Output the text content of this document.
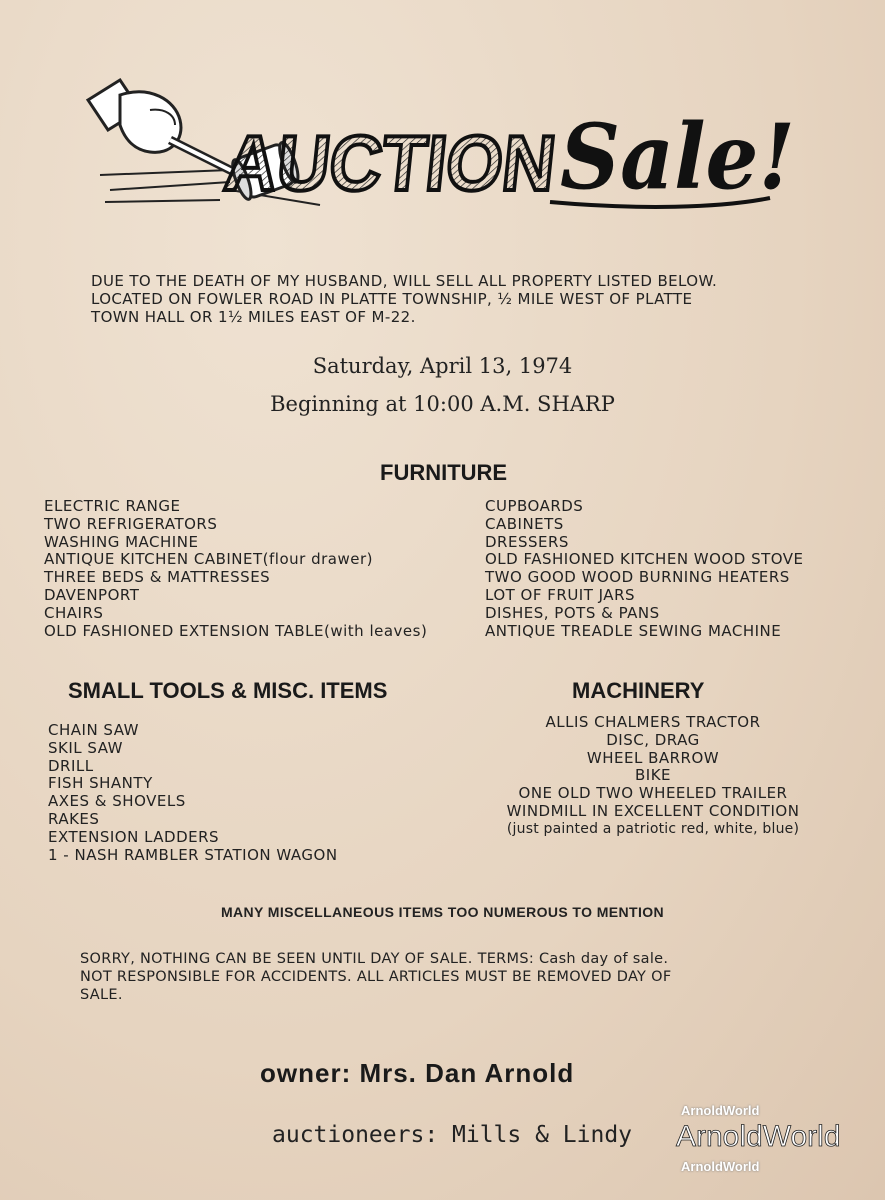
AUCTION
Sale!
DUE TO THE DEATH OF MY HUSBAND, WILL SELL ALL PROPERTY LISTED BELOW.
LOCATED ON FOWLER ROAD IN PLATTE TOWNSHIP, ½ MILE WEST OF PLATTE
TOWN HALL OR 1½ MILES EAST OF M-22.
Saturday, April 13, 1974
Beginning at 10:00 A.M. SHARP
FURNITURE
ELECTRIC RANGE
TWO REFRIGERATORS
WASHING MACHINE
ANTIQUE KITCHEN CABINET(flour drawer)
THREE BEDS & MATTRESSES
DAVENPORT
CHAIRS
OLD FASHIONED EXTENSION TABLE(with leaves)
CUPBOARDS
CABINETS
DRESSERS
OLD FASHIONED KITCHEN WOOD STOVE
TWO GOOD WOOD BURNING HEATERS
LOT OF FRUIT JARS
DISHES, POTS & PANS
ANTIQUE TREADLE SEWING MACHINE
SMALL TOOLS & MISC. ITEMS
CHAIN SAW
SKIL SAW
DRILL
FISH SHANTY
AXES & SHOVELS
RAKES
EXTENSION LADDERS
1 - NASH RAMBLER STATION WAGON
MACHINERY
ALLIS CHALMERS TRACTOR
DISC, DRAG
WHEEL BARROW
BIKE
ONE OLD TWO WHEELED TRAILER
WINDMILL IN EXCELLENT CONDITION
(just painted a patriotic red, white, blue)
MANY MISCELLANEOUS ITEMS TOO NUMEROUS TO MENTION
SORRY, NOTHING CAN BE SEEN UNTIL DAY OF SALE. TERMS: Cash day of sale.
NOT RESPONSIBLE FOR ACCIDENTS. ALL ARTICLES MUST BE REMOVED DAY OF
SALE.
owner: Mrs. Dan Arnold
auctioneers: Mills & Lindy
ArnoldWorld
ArnoldWorld
ArnoldWorld
